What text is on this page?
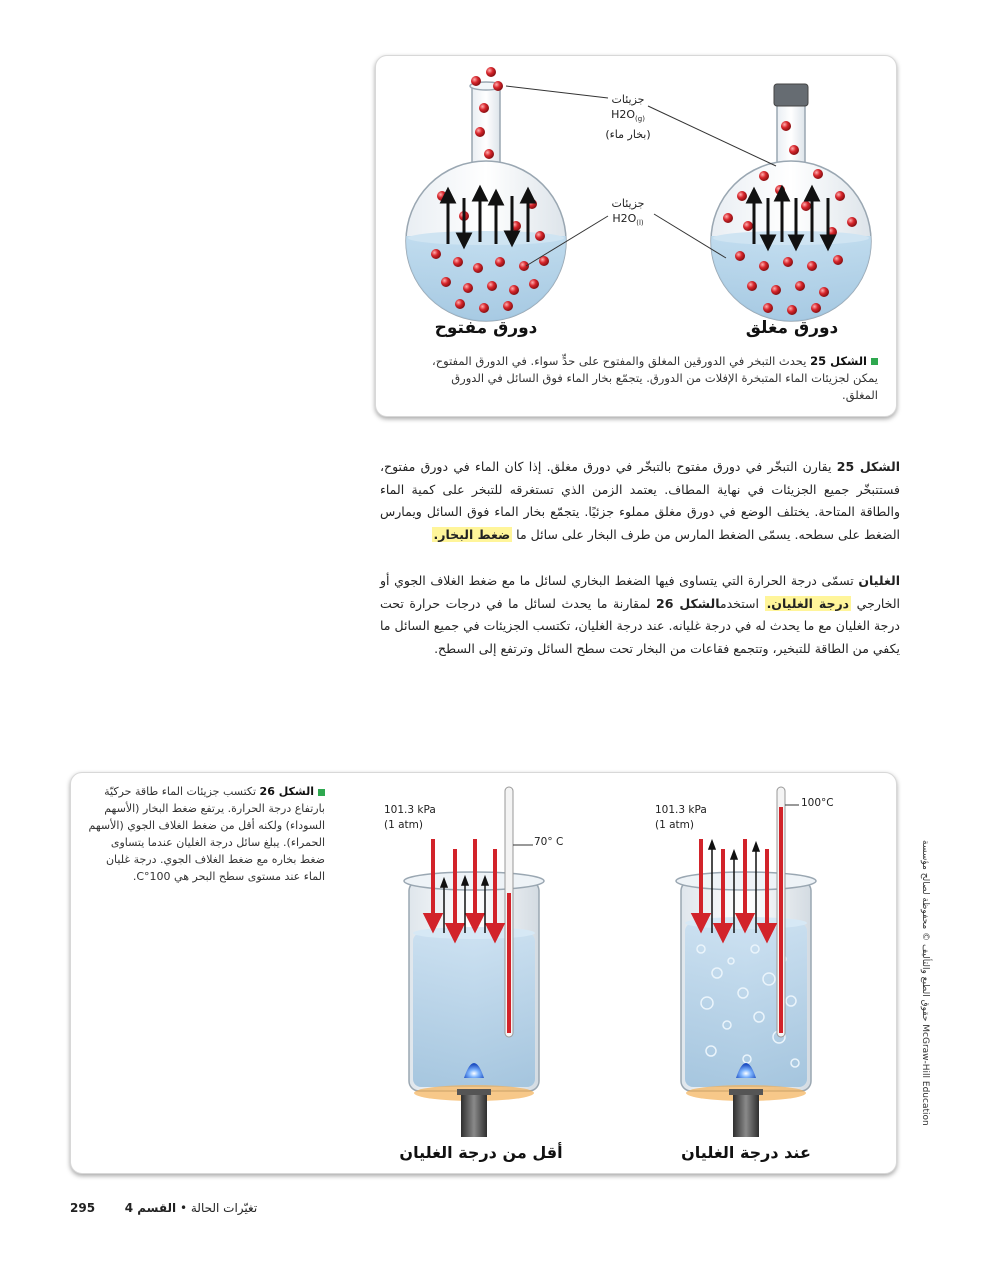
جزيئات
$H2O_{(g)}$
(بخار ماء)
جزيئات
$H2O_{(l)}$
دورق مفتوح	دورق مغلق
الشكل 25 يحدث التبخر في الدورقين المغلق والمفتوح على حدٍّ سواء. في الدورق المفتوح، يمكن لجزيئات الماء المتبخرة الإفلات من الدورق. يتجمّع بخار الماء فوق السائل في الدورق المغلق.
الشكل 25 يقارن التبخّر في دورق مفتوح بالتبخّر في دورق مغلق. إذا كان الماء في دورق مفتوح، فستتبخّر جميع الجزيئات في نهاية المطاف. يعتمد الزمن الذي تستغرقه للتبخر على كمية الماء والطاقة المتاحة. يختلف الوضع في دورق مغلق مملوء جزئيًا. يتجمّع بخار الماء فوق السائل ويمارس الضغط على سطحه. يسمّى الضغط المارس من طرف البخار على سائل ما ضغط البخار.
الغليان تسمّى درجة الحرارة التي يتساوى فيها الضغط البخاري لسائل ما مع ضغط الغلاف الجوي أو الخارجي درجة الغليان. استخدمالشكل 26 لمقارنة ما يحدث لسائل ما في درجات حرارة تحت درجة الغليان مع ما يحدث له في درجة غليانه. عند درجة الغليان، تكتسب الجزيئات في جميع السائل ما يكفي من الطاقة للتبخير، وتتجمع فقاعات من البخار تحت سطح السائل وترتفع إلى السطح.
الشكل 26 تكتسب جزيئات الماء طاقة حركيّة بارتفاع درجة الحرارة. يرتفع ضغط البخار (الأسهم السوداء) ولكنه أقل من ضغط الغلاف الجوي (الأسهم الحمراء). يبلغ سائل درجة الغليان عندما يتساوى ضغط بخاره مع ضغط الغلاف الجوي. درجة غليان الماء عند مستوى سطح البحر هي 100°C.
101.3 kPa
(1 atm)
70° C
101.3 kPa
(1 atm)
100°C
أقل من درجة الغليان	عند درجة الغليان
حقوق الطبع والتأليف © محفوظة لصالح مؤسسة McGraw-Hill Education
295	تغيّرات الحالة • القسم 4
